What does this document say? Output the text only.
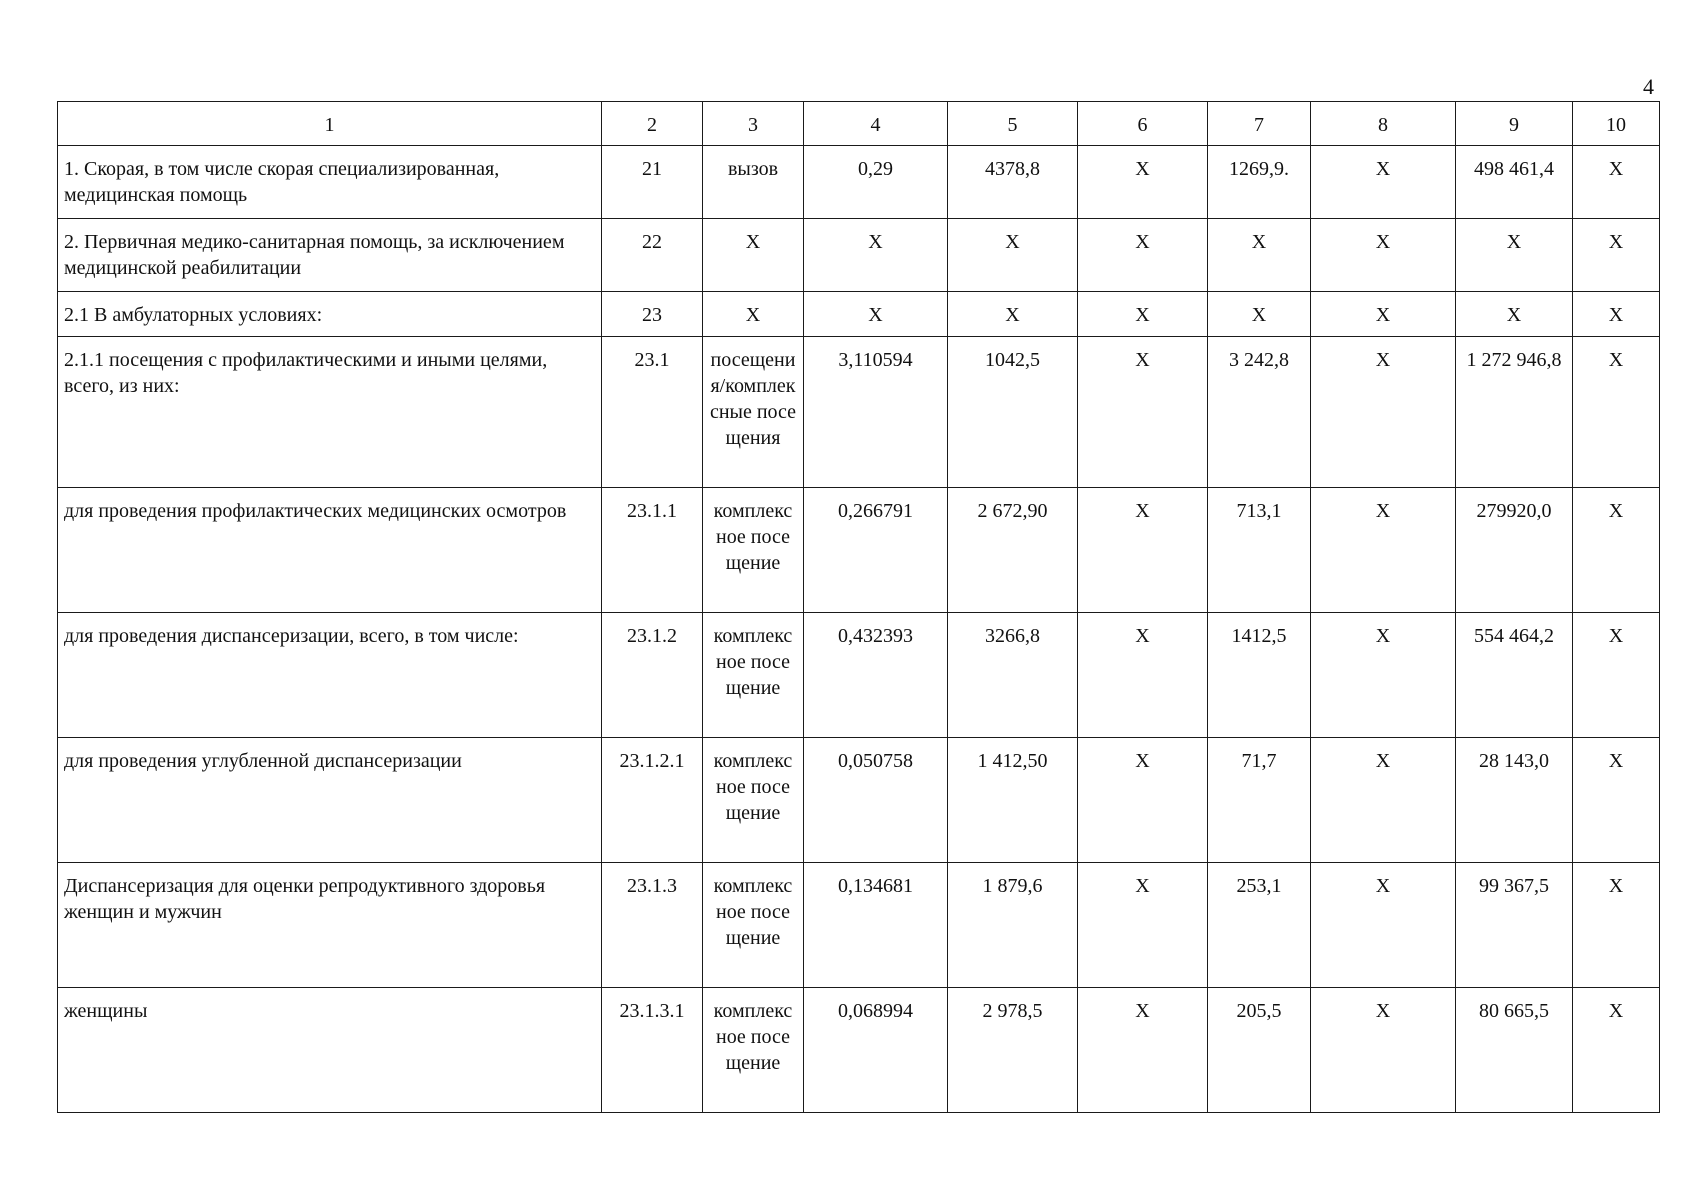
4
1	2	3	4	5	6	7	8	9	10
1. Скорая, в том числе скорая специализированная, медицинская помощь	21	вызов	0,29	4378,8	X	1269,9.	X	498 461,4	X
2. Первичная медико-санитарная помощь, за исключением медицинской реабилитации	22	X	X	X	X	X	X	X	X
2.1 В амбулаторных условиях:	23	X	X	X	X	X	X	X	X
2.1.1 посещения с профилактическими и иными целями, всего, из них:	23.1	посещения/комплексные посещения	3,110594	1042,5	X	3 242,8	X	1 272 946,8	X
для проведения профилактических медицинских осмотров	23.1.1	комплексное посещение	0,266791	2 672,90	X	713,1	X	279920,0	X
для проведения диспансеризации, всего, в том числе:	23.1.2	комплексное посещение	0,432393	3266,8	X	1412,5	X	554 464,2	X
для проведения углубленной диспансеризации	23.1.2.1	комплексное посещение	0,050758	1 412,50	X	71,7	X	28 143,0	X
Диспансеризация для оценки репродуктивного здоровья женщин и мужчин	23.1.3	комплексное посещение	0,134681	1 879,6	X	253,1	X	99 367,5	X
женщины	23.1.3.1	комплексное посещение	0,068994	2 978,5	X	205,5	X	80 665,5	X
